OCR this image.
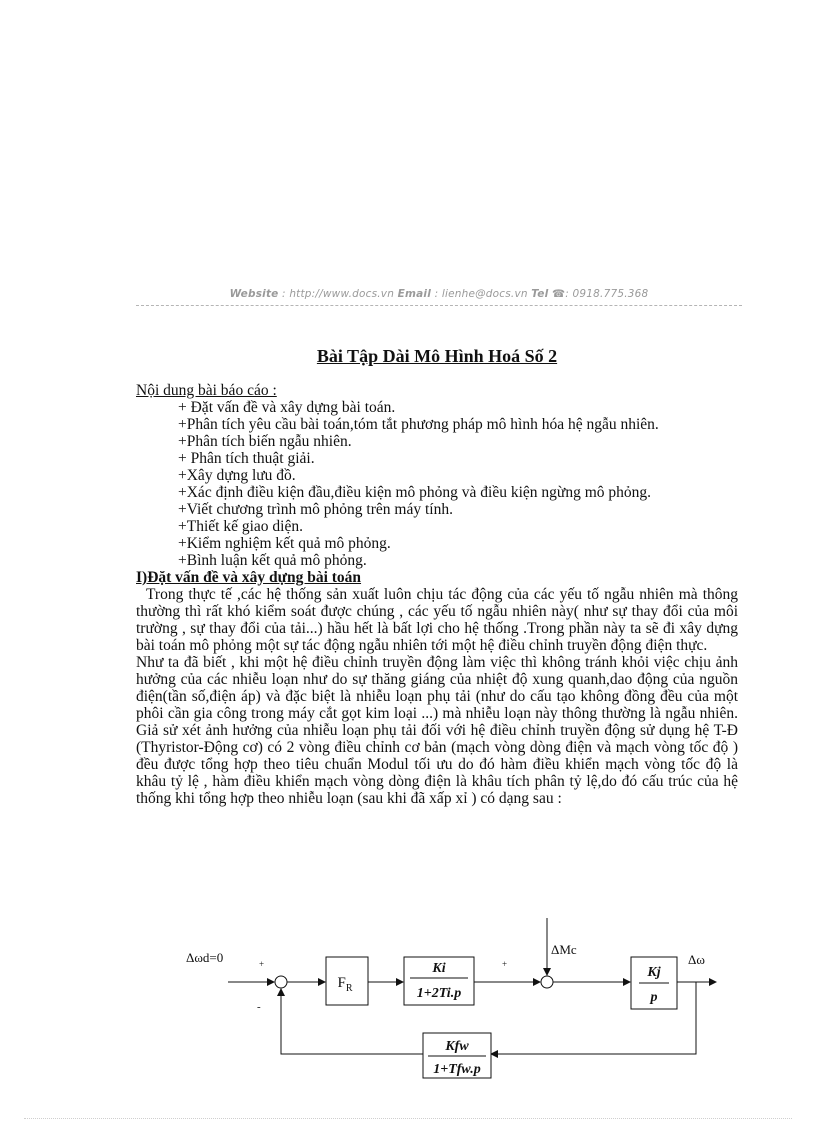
Website : http://www.docs.vn Email : lienhe@docs.vn Tel ☎: 0918.775.368
Bài Tập Dài Mô Hình Hoá Số 2

Nội dung bài báo cáo :

+ Đặt vấn đề và xây dựng bài toán.

+Phân tích yêu cầu bài toán,tóm tắt phương pháp mô hình hóa hệ ngẫu nhiên.

+Phân tích biến ngẫu nhiên.

+ Phân tích thuật giải.

+Xây dựng lưu đồ.

+Xác định điều kiện đầu,điều kiện mô phỏng và điều kiện ngừng mô phỏng.

+Viết chương trình mô phỏng trên máy tính.

+Thiết kế giao diện.

+Kiểm nghiệm kết quả mô phỏng.

+Bình luận kết quả mô phỏng.

I)Đặt vấn đề và xây dựng bài toán

Trong thực tế ,các hệ thống sản xuất luôn chịu tác động của các yếu tố ngẫu nhiên mà thông thường thì rất khó kiểm soát được chúng , các yếu tố ngẫu nhiên này( như sự thay đổi của môi trường , sự thay đổi của tải...) hầu hết là bất lợi cho hệ thống .Trong phần này ta sẽ đi xây dựng bài toán mô phỏng một sự tác động ngẫu nhiên tới một hệ điều chỉnh truyền động điện thực.

Như ta đã biết , khi một hệ điều chỉnh truyền động làm việc thì không tránh khỏi việc chịu ảnh hưởng của các nhiễu loạn như do sự thăng giáng của nhiệt độ xung quanh,dao động của nguồn điện(tần số,điện áp) và đặc biệt là nhiễu loạn phụ tải (như do cấu tạo không đồng đều của một phôi cần gia công trong máy cắt gọt kim loại ...) mà nhiễu loạn này thông thường là ngẫu nhiên. Giả sử xét ảnh hưởng của nhiễu loạn phụ tải đối với hệ điều chỉnh truyền động sử dụng hệ T-Đ (Thyristor-Động cơ) có 2 vòng điều chỉnh cơ bản (mạch vòng dòng điện và mạch vòng tốc độ ) đều được tổng hợp theo tiêu chuẩn Modul tối ưu do đó hàm điều khiển mạch vòng tốc độ là khâu tỷ lệ , hàm điều khiển mạch vòng dòng điện là khâu tích phân tỷ lệ,do đó cấu trúc của hệ thống khi tổng hợp theo nhiễu loạn (sau khi đã xấp xỉ ) có dạng sau :

Δωd=0	+
-
+
ΔMc
Δω
$F_R$
Ki
1+2Ti.p
Kj
p
Kfw
1+Tfw.p
